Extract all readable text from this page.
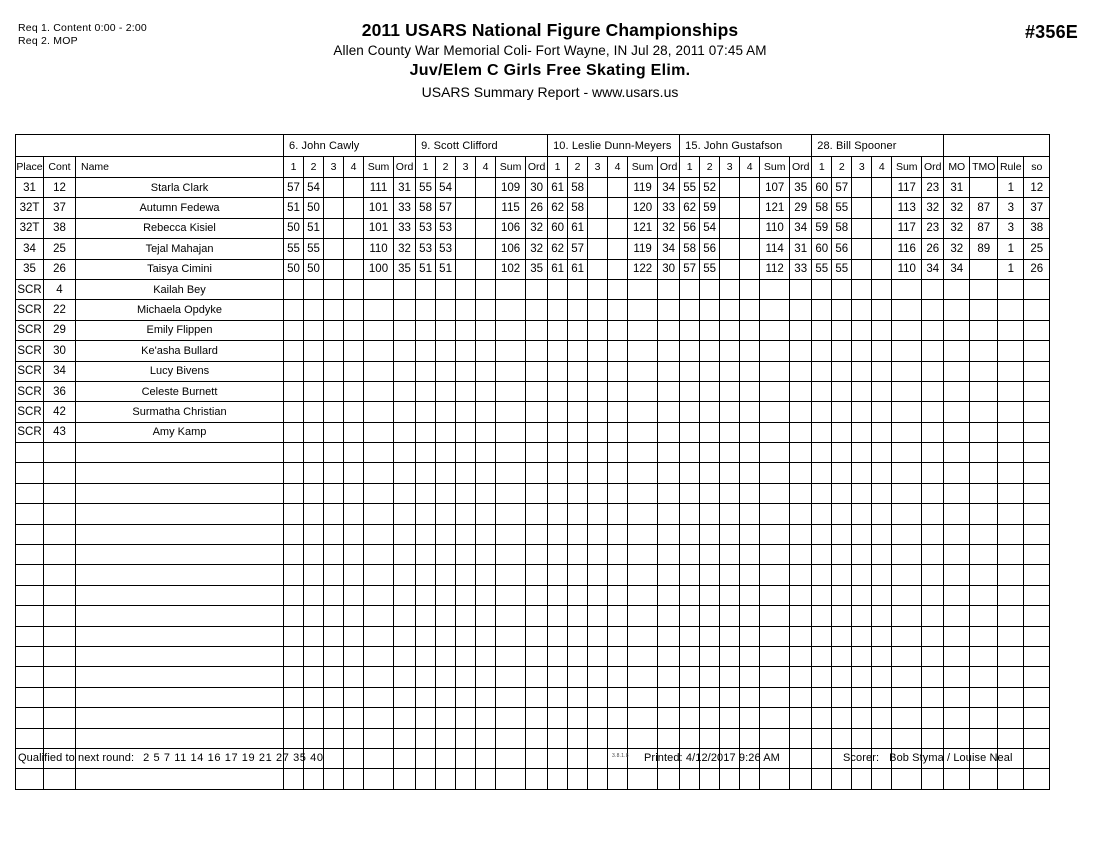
Req 1. Content 0:00 - 2:00
Req 2. MOP
2011 USARS National Figure Championships
Allen County War Memorial Coli- Fort Wayne, IN Jul 28, 2011 07:45 AM
Juv/Elem C Girls Free Skating Elim.
USARS Summary Report - www.usars.us
#356E
			6. John Cawly						9. Scott Clifford						10. Leslie Dunn-Meyers						15. John Gustafson						28. Bill Spooner									
Place	Cont	Name	1	2	3	4	Sum	Ord	1	2	3	4	Sum	Ord	1	2	3	4	Sum	Ord	1	2	3	4	Sum	Ord	1	2	3	4	Sum	Ord	MO	TMO	Rule	so
31	12	Starla Clark	57	54			111	31	55	54			109	30	61	58			119	34	55	52			107	35	60	57			117	23	31		1	12
32T	37	Autumn Fedewa	51	50			101	33	58	57			115	26	62	58			120	33	62	59			121	29	58	55			113	32	32	87	3	37
32T	38	Rebecca Kisiel	50	51			101	33	53	53			106	32	60	61			121	32	56	54			110	34	59	58			117	23	32	87	3	38
34	25	Tejal Mahajan	55	55			110	32	53	53			106	32	62	57			119	34	58	56			114	31	60	56			116	26	32	89	1	25
35	26	Taisya Cimini	50	50			100	35	51	51			102	35	61	61			122	30	57	55			112	33	55	55			110	34	34		1	26
SCR	4	Kailah Bey																																		
SCR	22	Michaela Opdyke																																		
SCR	29	Emily Flippen																																		
SCR	30	Ke'asha Bullard																																		
SCR	34	Lucy Bivens																																		
SCR	36	Celeste Burnett																																		
SCR	42	Surmatha Christian																																		
SCR	43	Amy Kamp																																		

Qualified to next round: 2 5 7 11 14 16 17 19 21 27 35 40	3.8.1.8 Printed: 4/12/2017 9:26 AM	Scorer: Bob Styma / Louise Neal
